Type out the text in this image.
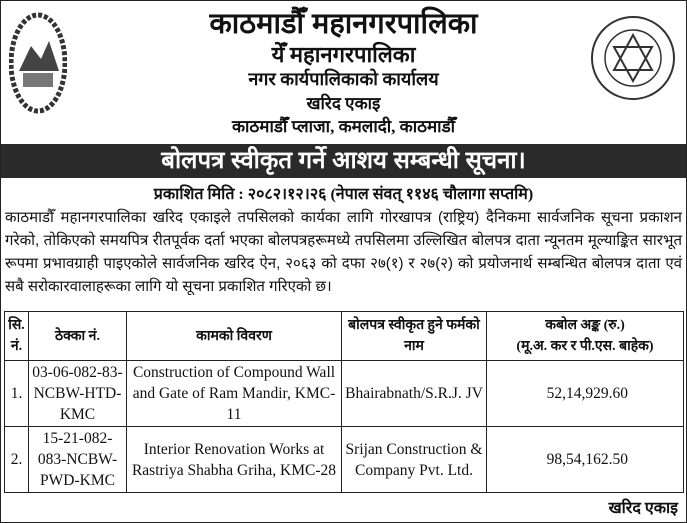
काठमाडौँ महानगरपालिका
येँ महानगरपालिका
नगर कार्यपालिकाको कार्यालय
खरिद एकाइ
काठमाडौँ प्लाजा, कमलादी, काठमाडौँ
बोलपत्र स्वीकृत गर्ने आशय सम्बन्धी सूचना।
प्रकाशित मिति : २०८२।१२।२६ (नेपाल संवत् ११४६ चौलागा सप्तमि)
काठमाडौँ महानगरपालिका खरिद एकाइले तपसिलको कार्यका लागि गोरखापत्र (राष्ट्रिय) दैनिकमा सार्वजनिक सूचना प्रकाशन गरेको, तोकिएको समयपित्र रीतपूर्वक दर्ता भएका बोलपत्रहरूमध्ये तपसिलमा उल्लिखित बोलपत्र दाता न्यूनतम मूल्याङ्कित सारभूत रूपमा प्रभावग्राही पाइएकोले सार्वजनिक खरिद ऐन, २०६३ को दफा २७(१) र २७(२) को प्रयोजनार्थ सम्बन्धित बोलपत्र दाता एवं सबै सरोकारवालाहरूका लागि यो सूचना प्रकाशित गरिएको छ।
सि. नं.	ठेक्का नं.	कामको विवरण	बोलपत्र स्वीकृत हुने फर्मको नाम	कबोल अङ्क (रु.)
(मू.अ. कर र पी.एस. बाहेक)
1.	03-06-082-83-NCBW-HTD-KMC	Construction of Compound Wall and Gate of Ram Mandir, KMC-11	Bhairabnath/S.R.J. JV	52,14,929.60
2.	15-21-082-083-NCBW-PWD-KMC	Interior Renovation Works at Rastriya Shabha Griha, KMC-28	Srijan Construction & Company Pvt. Ltd.	98,54,162.50
खरिद एकाइ
